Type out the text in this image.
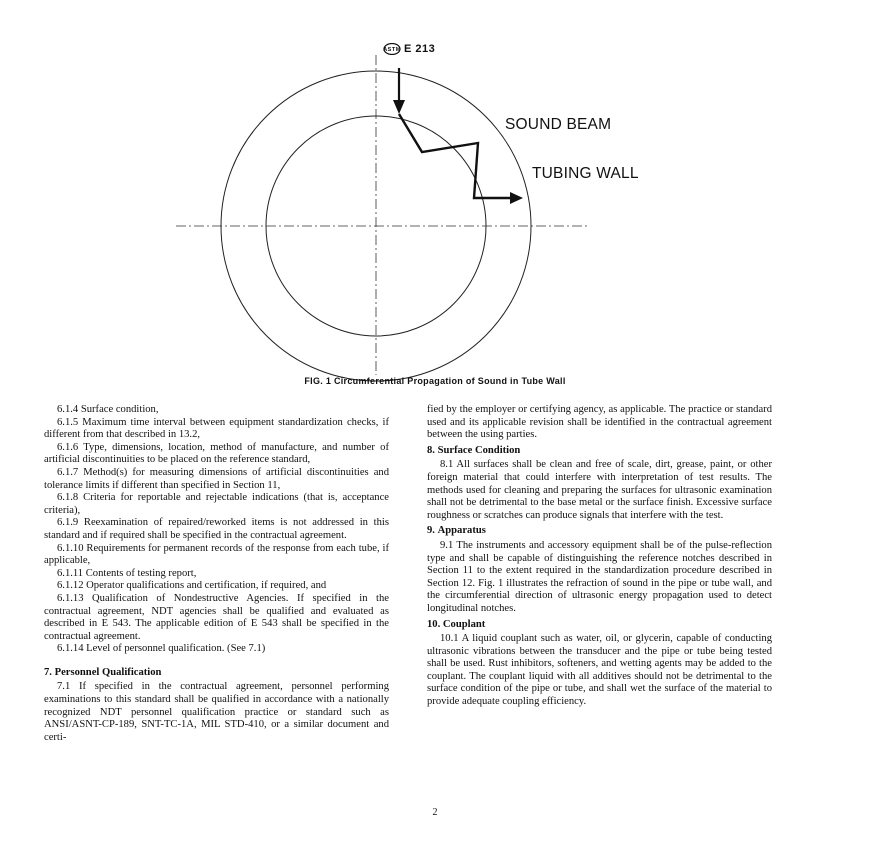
ASTM E 213
SOUND BEAM
TUBING WALL
FIG. 1 Circumferential Propagation of Sound in Tube Wall

6.1.4 Surface condition,

6.1.5 Maximum time interval between equipment standardization checks, if different from that described in 13.2,

6.1.6 Type, dimensions, location, method of manufacture, and number of artificial discontinuities to be placed on the reference standard,

6.1.7 Method(s) for measuring dimensions of artificial discontinuities and tolerance limits if different than specified in Section 11,

6.1.8 Criteria for reportable and rejectable indications (that is, acceptance criteria),

6.1.9 Reexamination of repaired/reworked items is not addressed in this standard and if required shall be specified in the contractual agreement.

6.1.10 Requirements for permanent records of the response from each tube, if applicable,

6.1.11 Contents of testing report,

6.1.12 Operator qualifications and certification, if required, and

6.1.13 Qualification of Nondestructive Agencies. If specified in the contractual agreement, NDT agencies shall be qualified and evaluated as described in E 543. The applicable edition of E 543 shall be specified in the contractual agreement.

6.1.14 Level of personnel qualification. (See 7.1)

7. Personnel Qualification

7.1 If specified in the contractual agreement, personnel performing examinations to this standard shall be qualified in accordance with a nationally recognized NDT personnel qualification practice or standard such as ANSI/ASNT-CP-189, SNT-TC-1A, MIL STD-410, or a similar document and certi-

fied by the employer or certifying agency, as applicable. The practice or standard used and its applicable revision shall be identified in the contractual agreement between the using parties.

8. Surface Condition

8.1 All surfaces shall be clean and free of scale, dirt, grease, paint, or other foreign material that could interfere with interpretation of test results. The methods used for cleaning and preparing the surfaces for ultrasonic examination shall not be detrimental to the base metal or the surface finish. Excessive surface roughness or scratches can produce signals that interfere with the test.

9. Apparatus

9.1 The instruments and accessory equipment shall be of the pulse-reflection type and shall be capable of distinguishing the reference notches described in Section 11 to the extent required in the standardization procedure described in Section 12. Fig. 1 illustrates the refraction of sound in the pipe or tube wall, and the circumferential direction of ultrasonic energy propagation used to detect longitudinal notches.

10. Couplant

10.1 A liquid couplant such as water, oil, or glycerin, capable of conducting ultrasonic vibrations between the transducer and the pipe or tube being tested shall be used. Rust inhibitors, softeners, and wetting agents may be added to the couplant. The couplant liquid with all additives should not be detrimental to the surface condition of the pipe or tube, and shall wet the surface of the material to provide adequate coupling efficiency.

2
